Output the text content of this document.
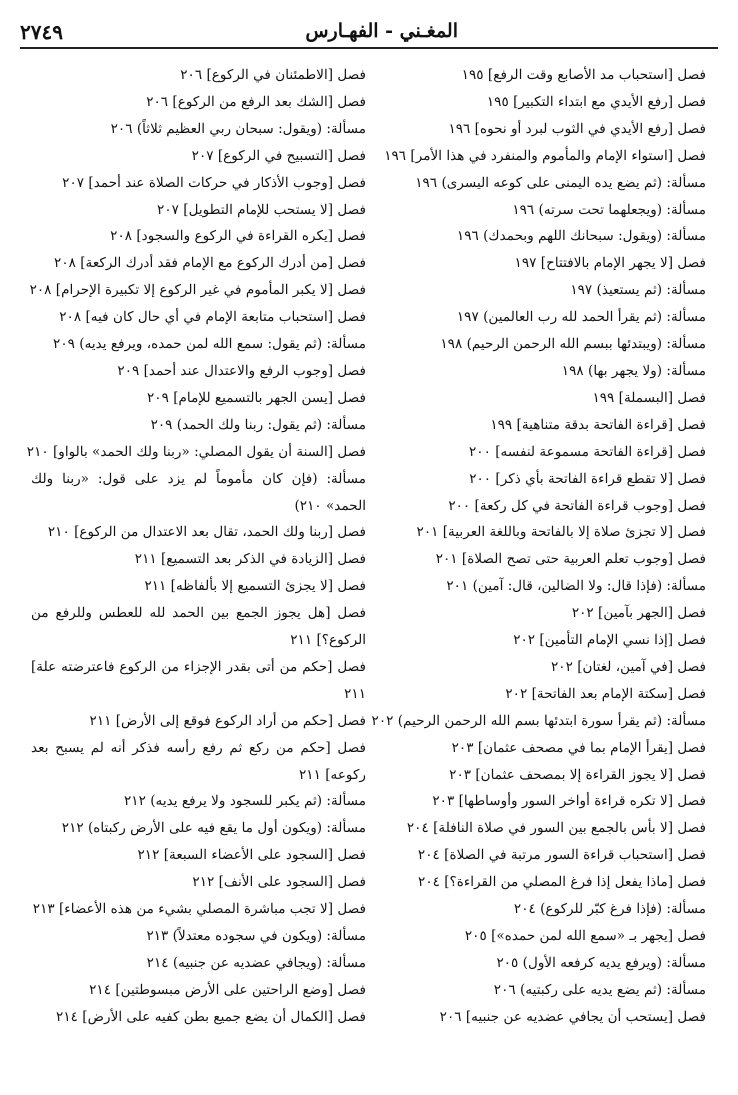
٢٧٤٩	المغـني - الفهـارس
فصل [استحباب مد الأصابع وقت الرفع] ١٩٥
فصل [رفع الأيدي مع ابتداء التكبير] ١٩٥
فصل [رفع الأيدي في الثوب لبرد أو نحوه] ١٩٦
فصل [استواء الإمام والمأموم والمنفرد في هذا الأمر] ١٩٦
مسألة: (ثم يضع يده اليمنى على كوعه اليسرى) ١٩٦
مسألة: (ويجعلهما تحت سرته) ١٩٦
مسألة: (ويقول: سبحانك اللهم وبحمدك) ١٩٦
فصل [لا يجهر الإمام بالافتتاح] ١٩٧
مسألة: (ثم يستعيذ) ١٩٧
مسألة: (ثم يقرأ الحمد لله رب العالمين) ١٩٧
مسألة: (ويبتدئها ببسم الله الرحمن الرحيم) ١٩٨
مسألة: (ولا يجهر بها) ١٩٨
فصل [البسملة] ١٩٩
فصل [قراءة الفاتحة بدقة متناهية] ١٩٩
فصل [قراءة الفاتحة مسموعة لنفسه] ٢٠٠
فصل [لا تقطع قراءة الفاتحة بأي ذكر] ٢٠٠
فصل [وجوب قراءة الفاتحة في كل ركعة] ٢٠٠
فصل [لا تجزئ صلاة إلا بالفاتحة وباللغة العربية] ٢٠١
فصل [وجوب تعلم العربية حتى تصح الصلاة] ٢٠١
مسألة: (فإذا قال: ولا الضالين، قال: آمين) ٢٠١
فصل [الجهر بآمين] ٢٠٢
فصل [إذا نسي الإمام التأمين] ٢٠٢
فصل [في آمين، لغتان] ٢٠٢
فصل [سكتة الإمام بعد الفاتحة] ٢٠٢
مسألة: (ثم يقرأ سورة ابتدئها بسم الله الرحمن الرحيم) ٢٠٢
فصل [يقرأ الإمام بما في مصحف عثمان] ٢٠٣
فصل [لا يجوز القراءة إلا بمصحف عثمان] ٢٠٣
فصل [لا تكره قراءة أواخر السور وأوساطها] ٢٠٣
فصل [لا بأس بالجمع بين السور في صلاة النافلة] ٢٠٤
فصل [استحباب قراءة السور مرتبة في الصلاة] ٢٠٤
فصل [ماذا يفعل إذا فرغ المصلي من القراءة؟] ٢٠٤
مسألة: (فإذا فرغ كبّر للركوع) ٢٠٤
فصل [يجهر بـ «سمع الله لمن حمده»] ٢٠٥
مسألة: (ويرفع يديه كرفعه الأول) ٢٠٥
مسألة: (ثم يضع يديه على ركبتيه) ٢٠٦
فصل [يستحب أن يجافي عضديه عن جنبيه] ٢٠٦
فصل [الاطمئنان في الركوع] ٢٠٦
فصل [الشك بعد الرفع من الركوع] ٢٠٦
مسألة: (ويقول: سبحان ربي العظيم ثلاثاً) ٢٠٦
فصل [التسبيح في الركوع] ٢٠٧
فصل [وجوب الأذكار في حركات الصلاة عند أحمد] ٢٠٧
فصل [لا يستحب للإمام التطويل] ٢٠٧
فصل [يكره القراءة في الركوع والسجود] ٢٠٨
فصل [من أدرك الركوع مع الإمام فقد أدرك الركعة] ٢٠٨
فصل [لا يكبر المأموم في غير الركوع إلا تكبيرة الإحرام] ٢٠٨
فصل [استحباب متابعة الإمام في أي حال كان فيه] ٢٠٨
مسألة: (ثم يقول: سمع الله لمن حمده، ويرفع يديه) ٢٠٩
فصل [وجوب الرفع والاعتدال عند أحمد] ٢٠٩
فصل [يسن الجهر بالتسميع للإمام] ٢٠٩
مسألة: (ثم يقول: ربنا ولك الحمد) ٢٠٩
فصل [السنة أن يقول المصلي: «ربنا ولك الحمد» بالواو] ٢١٠
مسألة: (فإن كان مأموماً لم يزد على قول: «ربنا ولك الحمد» ٢١٠)
فصل [ربنا ولك الحمد، تقال بعد الاعتدال من الركوع] ٢١٠
فصل [الزيادة في الذكر بعد التسميع] ٢١١
فصل [لا يجزئ التسميع إلا بألفاظه] ٢١١
فصل [هل يجوز الجمع بين الحمد لله للعطس وللرفع من الركوع؟] ٢١١
فصل [حكم من أتى بقدر الإجزاء من الركوع فاعترضته علة] ٢١١
فصل [حكم من أراد الركوع فوقع إلى الأرض] ٢١١
فصل [حكم من ركع ثم رفع رأسه فذكر أنه لم يسبح بعد ركوعه] ٢١١
مسألة: (ثم يكبر للسجود ولا يرفع يديه) ٢١٢
مسألة: (ويكون أول ما يقع فيه على الأرض ركبتاه) ٢١٢
فصل [السجود على الأعضاء السبعة] ٢١٢
فصل [السجود على الأنف] ٢١٢
فصل [لا تجب مباشرة المصلي بشيء من هذه الأعضاء] ٢١٣
مسألة: (ويكون في سجوده معتدلاً) ٢١٣
مسألة: (ويجافي عضديه عن جنبيه) ٢١٤
فصل [وضع الراحتين على الأرض مبسوطتين] ٢١٤
فصل [الكمال أن يضع جميع بطن كفيه على الأرض] ٢١٤
